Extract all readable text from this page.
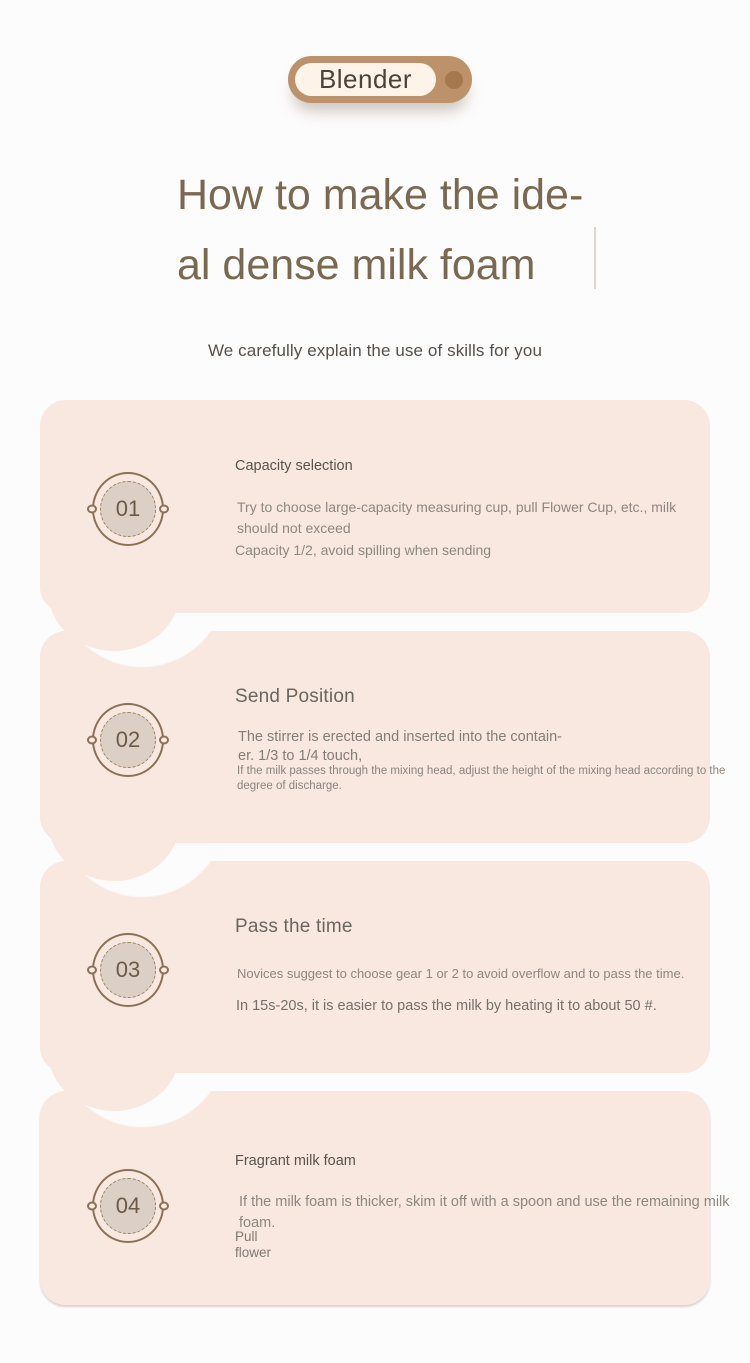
Blender
How to make the ide-
al dense milk foam

We carefully explain the use of skills for you

01
Capacity selection

Try to choose large-capacity measuring cup, pull Flower Cup, etc., milk should not exceed

Capacity 1/2, avoid spilling when sending

02
Send Position
The stirrer is erected and inserted into the contain-
er. 1/3 to 1/4 touch,

If the milk passes through the mixing head, adjust the height of the mixing head according to the degree of discharge.

03
Pass the time

Novices suggest to choose gear 1 or 2 to avoid overflow and to pass the time.

In 15s-20s, it is easier to pass the milk by heating it to about 50 #.

04
Fragrant milk foam

If the milk foam is thicker, skim it off with a spoon and use the remaining milk foam.

Pull
flower
